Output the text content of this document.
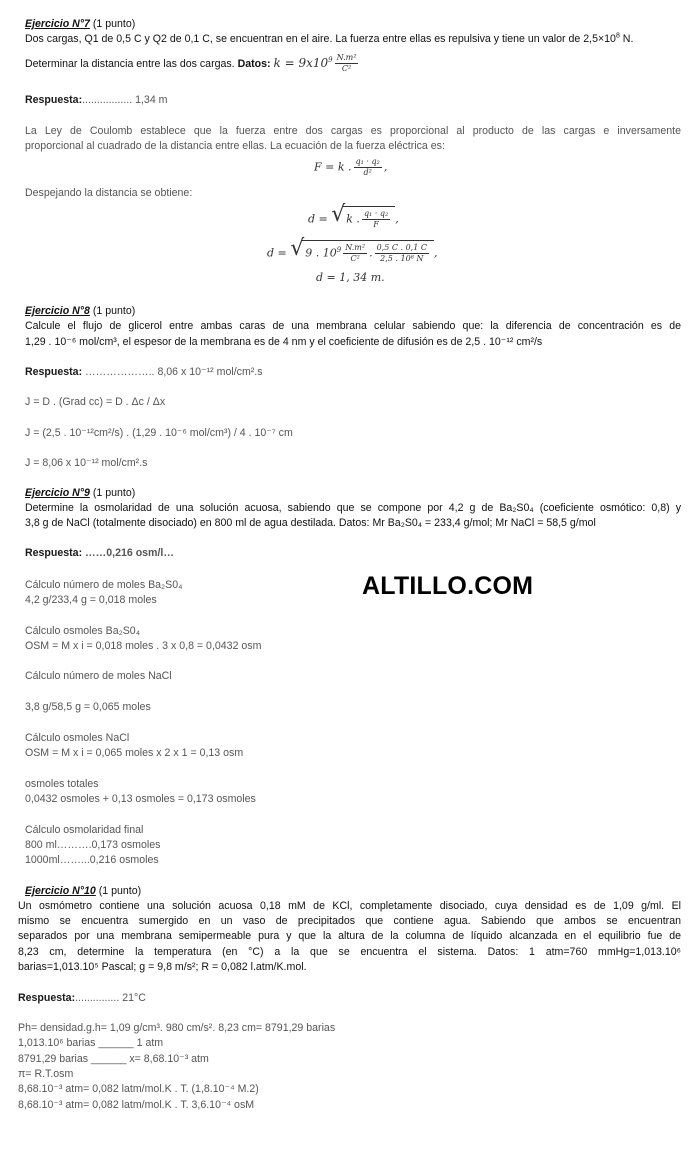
Ejercicio N°7 (1 punto)
Dos cargas, Q1 de 0,5 C y Q2 de 0,1 C, se encuentran en el aire. La fuerza entre ellas es repulsiva y tiene un valor de $2,5\times 10^8$ N.
Determinar la distancia entre las dos cargas. Datos: $k = 9x10^9 \frac{\text{N.m²}}{\text{C²}}$
Respuesta:................. 1,34 m
La Ley de Coulomb establece que la fuerza entre dos cargas es proporcional al producto de las cargas e inversamente
proporcional al cuadrado de la distancia entre ellas. La ecuación de la fuerza eléctrica es:
F = k . $\frac{\text{q₁ · q₂}}{\text{d²}}$ ,
Despejando la distancia se obtiene:
d = √ k . $\frac{\text{q₁ · q₂}}{F}$ ,
d = √ 9 . $10^9 \frac{\text{N.m²}}{\text{C²}}$ . $\frac{0,5 C . 0,1 C}{\text{2,5 . 10⁸ N}}$ ,
d = 1, 34 m.
Ejercicio N°8 (1 punto)
Calcule el flujo de glicerol entre ambas caras de una membrana celular sabiendo que: la diferencia de concentración es de
1,29 . 10⁻⁶ mol/cm³, el espesor de la membrana es de 4 nm y el coeficiente de difusión es de 2,5 . 10⁻¹² cm²/s
Respuesta: ……………….. 8,06 x 10⁻¹² mol/cm².s
J = D . (Grad cc) = D . Δc / Δx
J = (2,5 . 10⁻¹²cm²/s) . (1,29 . 10⁻⁶ mol/cm³) / 4 . 10⁻⁷ cm
J = 8,06 x 10⁻¹² mol/cm².s
Ejercicio N°9 (1 punto)
Determine la osmolaridad de una solución acuosa, sabiendo que se compone por 4,2 g de Ba₂S0₄ (coeficiente osmótico: 0,8) y
3,8 g de NaCl (totalmente disociado) en 800 ml de agua destilada. Datos: Mr Ba₂S0₄ = 233,4 g/mol; Mr NaCl = 58,5 g/mol
Respuesta: ……0,216 osm/l…
Cálculo número de moles Ba₂S0₄
4,2 g/233,4 g = 0,018 moles
Cálculo osmoles Ba₂S0₄
OSM = M x i = 0,018 moles . 3 x 0,8 = 0,0432 osm
Cálculo número de moles NaCl
3,8 g/58,5 g = 0,065 moles
Cálculo osmoles NaCl
OSM = M x i = 0,065 moles x 2 x 1 = 0,13 osm
osmoles totales
0,0432 osmoles + 0,13 osmoles = 0,173 osmoles
Cálculo osmolaridad final
800 ml……….0,173 osmoles
1000ml……...0,216 osmoles
ALTILLO.COM
Ejercicio N°10 (1 punto)
Un osmómetro contiene una solución acuosa 0,18 mM de KCl, completamente disociado, cuya densidad es de 1,09 g/ml. El
mismo se encuentra sumergido en un vaso de precipitados que contiene agua. Sabiendo que ambos se encuentran
separados por una membrana semipermeable pura y que la altura de la columna de líquido alcanzada en el equilibrio fue de
8,23 cm, determine la temperatura (en °C) a la que se encuentra el sistema. Datos: 1 atm=760 mmHg=1,013.10⁶
barias=1,013.10⁵ Pascal; g = 9,8 m/s²; R = 0,082 l.atm/K.mol.
Respuesta:............... 21°C
Ph= densidad.g.h= 1,09 g/cm³. 980 cm/s². 8,23 cm= 8791,29 barias
1,013.10⁶ barias ______ 1 atm
8791,29 barias ______ x= 8,68.10⁻³ atm
π= R.T.osm
8,68.10⁻³ atm= 0,082 latm/mol.K . T. (1,8.10⁻⁴ M.2)
8,68.10⁻³ atm= 0,082 latm/mol.K . T. 3,6.10⁻⁴ osM
